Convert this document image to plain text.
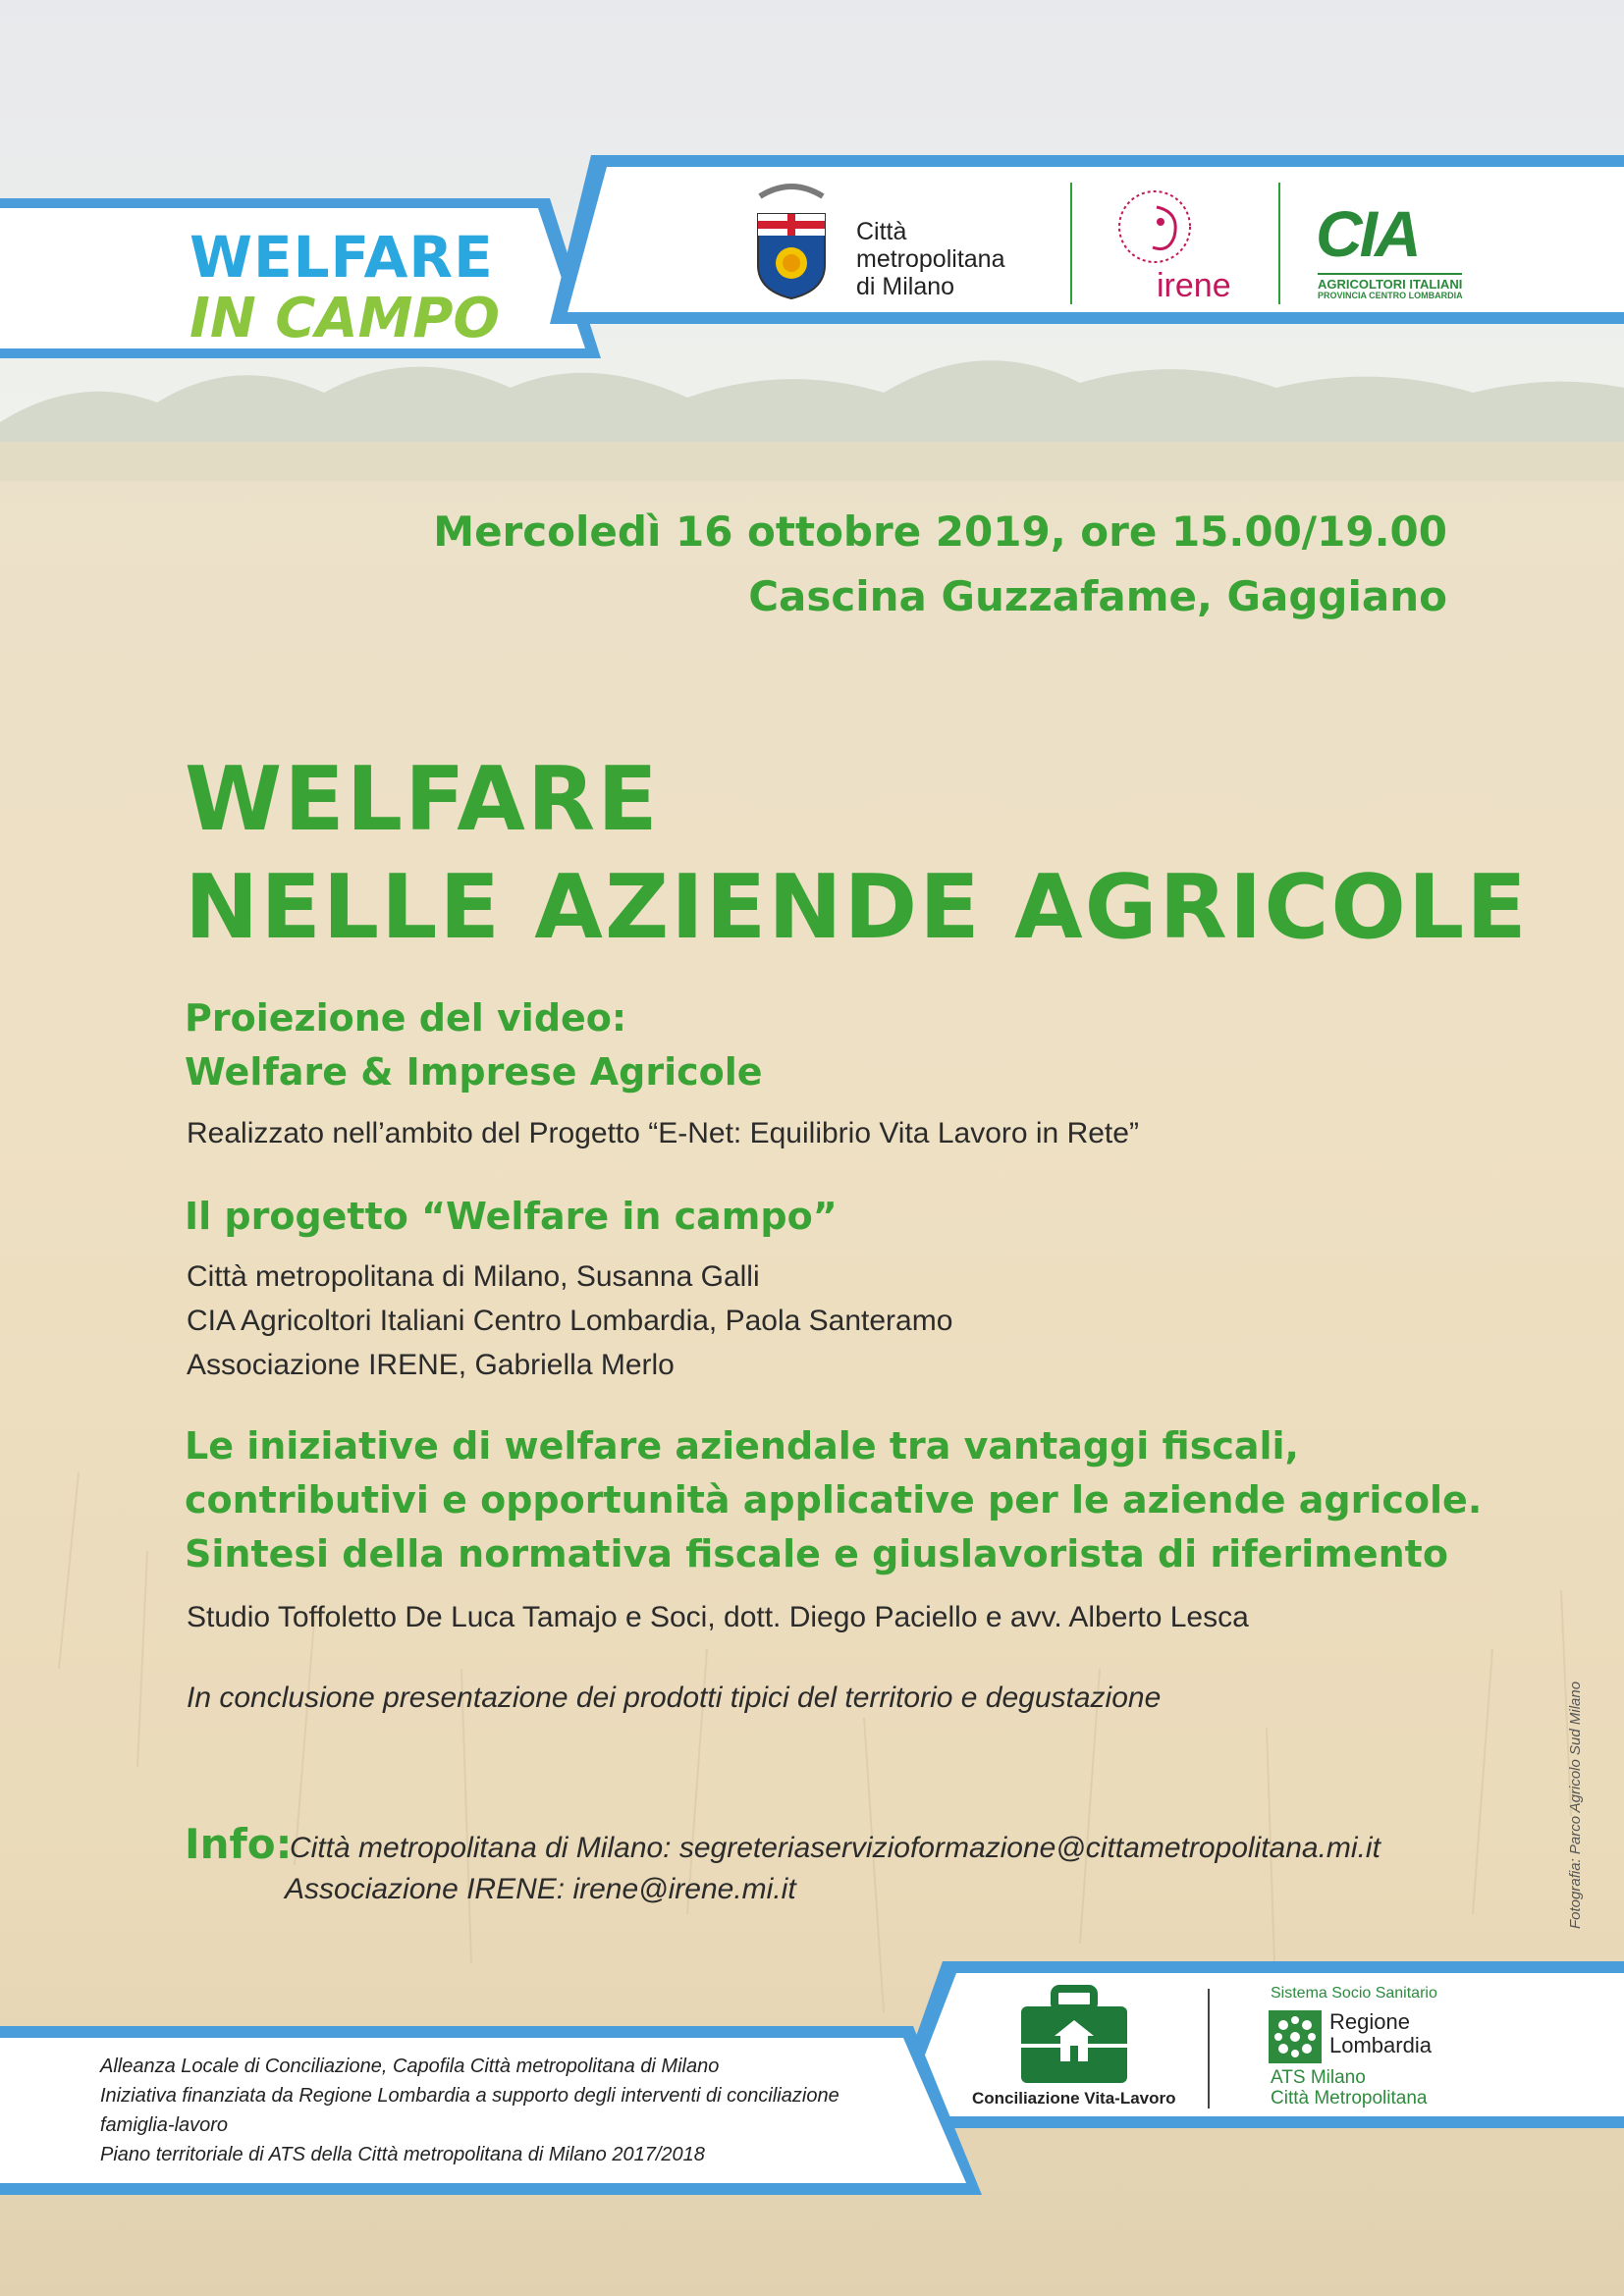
WELFARE
IN CAMPO
Città
metropolitana
di Milano	irene
CIA
AGRICOLTORI ITALIANI
PROVINCIA CENTRO LOMBARDIA
Mercoledì 16 ottobre 2019, ore 15.00/19.00
Cascina Guzzafame, Gaggiano
WELFARE
NELLE AZIENDE AGRICOLE
Proiezione del video:
Welfare & Imprese Agricole
Realizzato nell’ambito del Progetto “E-Net: Equilibrio Vita Lavoro in Rete”
Il progetto “Welfare in campo”
Città metropolitana di Milano, Susanna Galli
CIA Agricoltori Italiani Centro Lombardia, Paola Santeramo
Associazione IRENE, Gabriella Merlo
Le iniziative di welfare aziendale tra vantaggi fiscali,
contributivi e opportunità applicative per le aziende agricole.
Sintesi della normativa fiscale e giuslavorista di riferimento
Studio Toffoletto De Luca Tamajo e Soci, dott. Diego Paciello e avv. Alberto Lesca
In conclusione presentazione dei prodotti tipici del territorio e degustazione
Info:
Città metropolitana di Milano: segreteriaservizioformazione@cittametropolitana.mi.it
Associazione IRENE: irene@irene.mi.it	Fotografia: Parco Agricolo Sud Milano
Conciliazione Vita-Lavoro
Sistema Socio Sanitario
Regione
Lombardia
ATS Milano
Città Metropolitana
Alleanza Locale di Conciliazione, Capofila Città metropolitana di Milano
Iniziativa finanziata da Regione Lombardia a supporto degli interventi di conciliazione
famiglia-lavoro
Piano territoriale di ATS della Città metropolitana di Milano 2017/2018
